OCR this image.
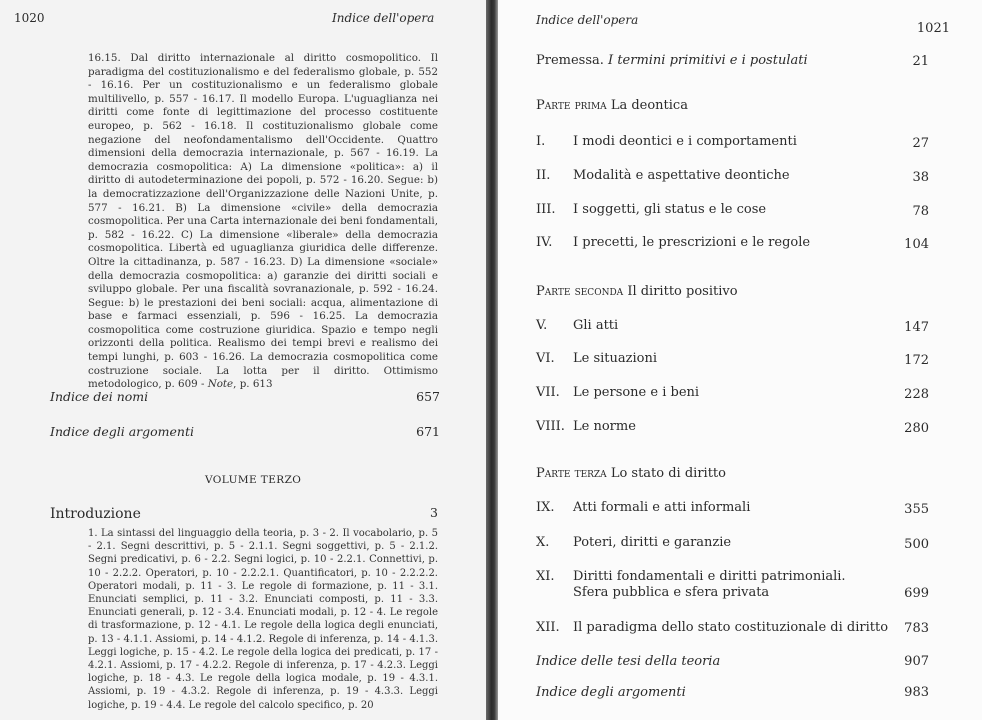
1020	Indice dell'opera
16.15. Dal diritto internazionale al diritto cosmopolitico. Il paradigma del costituzionalismo e del federalismo globale, p. 552 - 16.16. Per un costituzionalismo e un federalismo globale multilivello, p. 557 - 16.17. Il modello Europa. L'uguaglianza nei diritti come fonte di legittimazione del processo costituente europeo, p. 562 - 16.18. Il costituzionalismo globale come negazione del neofondamentalismo dell'Occidente. Quattro dimensioni della democrazia internazionale, p. 567 - 16.19. La democrazia cosmopolitica: A) La dimensione «politica»: a) il diritto di autodeterminazione dei popoli, p. 572 - 16.20. Segue: b) la democratizzazione dell'Organizzazione delle Nazioni Unite, p. 577 - 16.21. B) La dimensione «civile» della democrazia cosmopolitica. Per una Carta internazionale dei beni fondamentali, p. 582 - 16.22. C) La dimensione «liberale» della democrazia cosmopolitica. Libertà ed uguaglianza giuridica delle differenze. Oltre la cittadinanza, p. 587 - 16.23. D) La dimensione «sociale» della democrazia cosmopolitica: a) garanzie dei diritti sociali e sviluppo globale. Per una fiscalità sovranazionale, p. 592 - 16.24. Segue: b) le prestazioni dei beni sociali: acqua, alimentazione di base e farmaci essenziali, p. 596 - 16.25. La democrazia cosmopolitica come costruzione giuridica. Spazio e tempo negli orizzonti della politica. Realismo dei tempi brevi e realismo dei tempi lunghi, p. 603 - 16.26. La democrazia cosmopolitica come costruzione sociale. La lotta per il diritto. Ottimismo metodologico, p. 609 - Note, p. 613
Indice dei nomi	657
Indice degli argomenti	671
VOLUME TERZO
Introduzione	3
1. La sintassi del linguaggio della teoria, p. 3 - 2. Il vocabolario, p. 5 - 2.1. Segni descrittivi, p. 5 - 2.1.1. Segni soggettivi, p. 5 - 2.1.2. Segni predicativi, p. 6 - 2.2. Segni logici, p. 10 - 2.2.1. Connettivi, p. 10 - 2.2.2. Operatori, p. 10 - 2.2.2.1. Quantificatori, p. 10 - 2.2.2.2. Operatori modali, p. 11 - 3. Le regole di formazione, p. 11 - 3.1. Enunciati semplici, p. 11 - 3.2. Enunciati composti, p. 11 - 3.3. Enunciati generali, p. 12 - 3.4. Enunciati modali, p. 12 - 4. Le regole di trasformazione, p. 12 - 4.1. Le regole della logica degli enunciati, p. 13 - 4.1.1. Assiomi, p. 14 - 4.1.2. Regole di inferenza, p. 14 - 4.1.3. Leggi logiche, p. 15 - 4.2. Le regole della logica dei predicati, p. 17 - 4.2.1. Assiomi, p. 17 - 4.2.2. Regole di inferenza, p. 17 - 4.2.3. Leggi logiche, p. 18 - 4.3. Le regole della logica modale, p. 19 - 4.3.1. Assiomi, p. 19 - 4.3.2. Regole di inferenza, p. 19 - 4.3.3. Leggi logiche, p. 19 - 4.4. Le regole del calcolo specifico, p. 20
Indice dell'opera
1021
Premessa. I termini primitivi e i postulati	21
Parte prima La deontica
I. I modi deontici e i comportamenti	27
II. Modalità e aspettative deontiche	38
III. I soggetti, gli status e le cose	78
IV. I precetti, le prescrizioni e le regole	104
Parte seconda Il diritto positivo
V. Gli atti	147
VI. Le situazioni	172
VII. Le persone e i beni	228
VIII. Le norme	280
Parte terza Lo stato di diritto
IX. Atti formali e atti informali	355
X. Poteri, diritti e garanzie	500
XI. Diritti fondamentali e diritti patrimoniali.
Sfera pubblica e sfera privata	699
XII. Il paradigma dello stato costituzionale di diritto	783
Indice delle tesi della teoria	907
Indice degli argomenti	983
